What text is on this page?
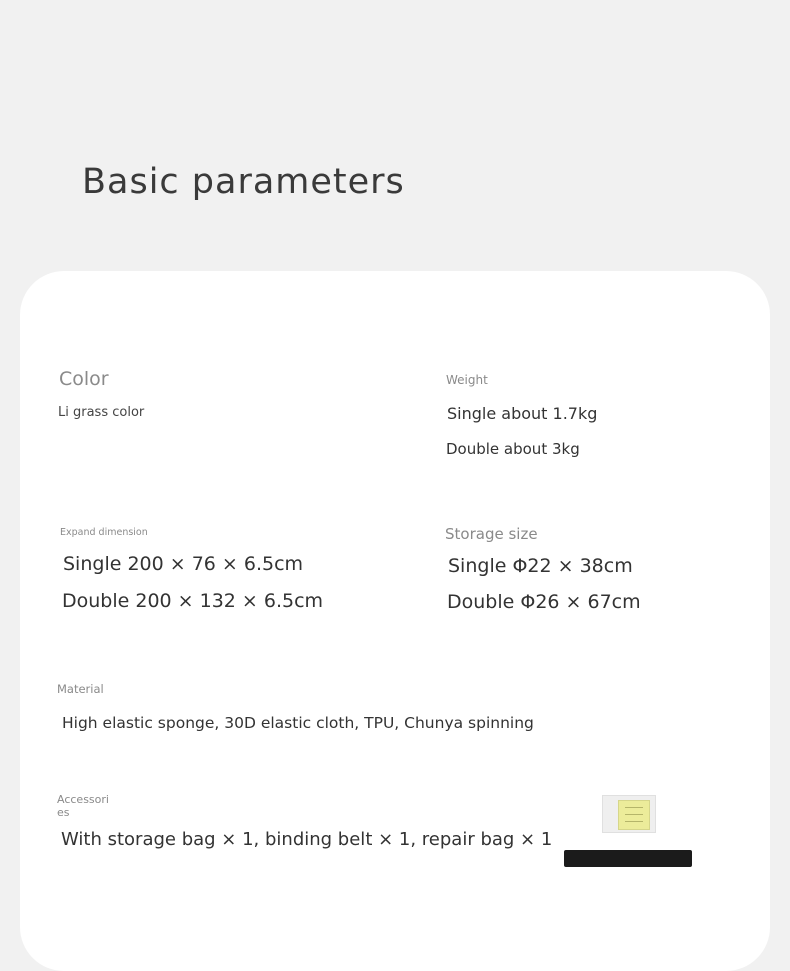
Basic parameters
Color
Li grass color
Weight
Single about 1.7kg
Double about 3kg
Expand dimension
Single 200 × 76 × 6.5cm
Double 200 × 132 × 6.5cm
Storage size
Single Φ22 × 38cm
Double Φ26 × 67cm
Material
High elastic sponge, 30D elastic cloth, TPU, Chunya spinning
Accessories
With storage bag × 1, binding belt × 1, repair bag × 1
